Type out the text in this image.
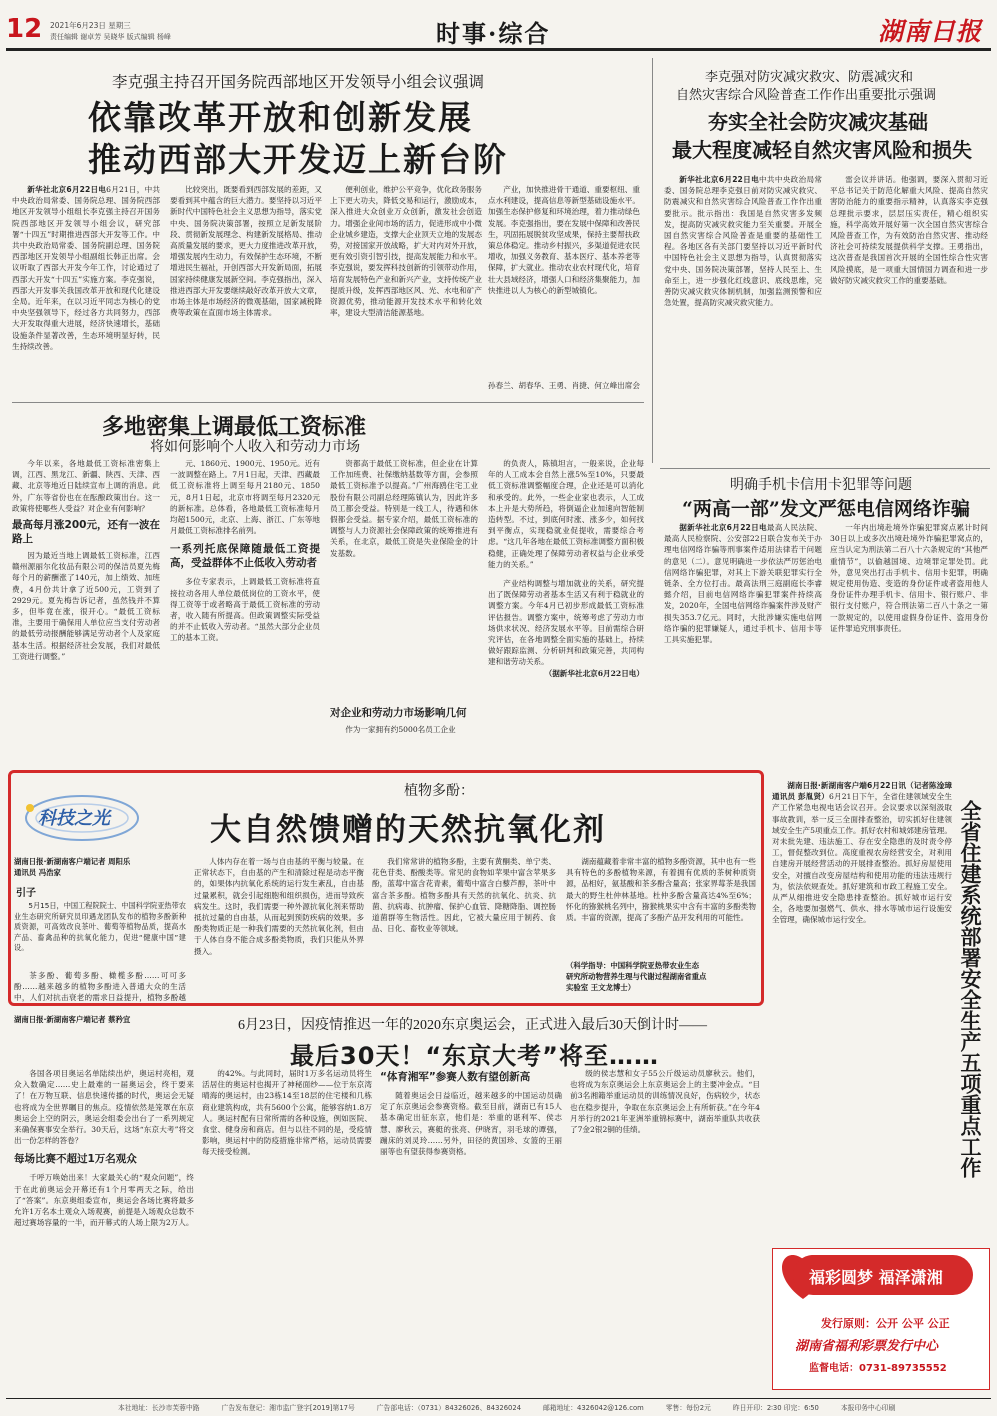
12 2021年6月23日 星期三
责任编辑 谢卓芳 吴晓华 版式编辑 杨峰	时事·综合	湖南日报
李克强主持召开国务院西部地区开发领导小组会议强调
依靠改革开放和创新发展
推动西部大开发迈上新台阶

新华社北京6月22日电6月21日，中共中央政治局常委、国务院总理、国务院西部地区开发领导小组组长李克强主持召开国务院西部地区开发领导小组会议，研究部署“十四五”时期推进西部大开发等工作。中共中央政治局常委、国务院副总理、国务院西部地区开发领导小组副组长韩正出席。会议听取了西部大开发今年工作，讨论通过了西部大开发“十四五”实施方案。李克强说，西部大开发事关我国改革开放和现代化建设全局。近年来，在以习近平同志为核心的党中央坚强领导下，经过各方共同努力，西部大开发取得重大进展，经济快速增长，基础设施条件显著改善，生态环境明显好转，民生持续改善。

比较突出，既要看到西部发展的差距，又要看到其中蕴含的巨大潜力。要坚持以习近平新时代中国特色社会主义思想为指导，落实党中央、国务院决策部署，按照立足新发展阶段、贯彻新发展理念、构建新发展格局、推动高质量发展的要求，更大力度推进改革开放，增强发展内生动力，有效保护生态环境，不断增进民生福祉，开创西部大开发新局面，拓展国家持续健康发展新空间。李克强指出，深入推进西部大开发要继续敲好改革开放大文章，市场主体是市场经济的微观基础，国家减税降费等政策在直面市场主体需求。

便利创业，维护公平竞争，优化政务服务上下更大功夫，降低交易和运行，激励成本，深入推进大众创业万众创新，激发社会创造力。增强企业间市场的活力，促进形成中小微企业城乡建造，支撑大企业顶天立地的发展态势，对接国家开放战略，扩大对内对外开放，更有效引资引智引技，提高发展能力和水平。李克强说，要发挥科技创新的引领带动作用，培育发展特色产业和新兴产业，支持传统产业提质升级，发挥西部地区风、光、水电和矿产资源优势，推动能源开发技术水平和转化效率，建设大型清洁能源基地。

产业，加快推进骨干通道、重要枢纽、重点水利建设，提高信息等新型基础设施水平。加强生态保护修复和环境治理，着力推动绿色发展。李克强指出，要在发展中保障和改善民生，巩固拓展脱贫攻坚成果，保持主要帮扶政策总体稳定。推动乡村振兴，多渠道促进农民增收，加强义务教育、基本医疗、基本养老等保障，扩大就业。推动农业农村现代化，培育壮大县域经济，增强人口和经济集聚能力，加快推进以人为核心的新型城镇化。

孙春兰、胡春华、王勇、肖捷、何立峰出席会
李克强对防灾减灾救灾、防震减灾和
自然灾害综合风险普查工作作出重要批示强调
夯实全社会防灾减灾基础
最大程度减轻自然灾害风险和损失

新华社北京6月22日电中共中央政治局常委、国务院总理李克强日前对防灾减灾救灾、防震减灾和自然灾害综合风险普查工作作出重要批示。批示指出：我国是自然灾害多发频发，提高防灾减灾救灾能力至关重要。开展全国自然灾害综合风险普查是重要的基础性工程。各地区各有关部门要坚持以习近平新时代中国特色社会主义思想为指导，认真贯彻落实党中央、国务院决策部署，坚持人民至上、生命至上，进一步强化红线意识、底线思维，完善防灾减灾救灾体制机制，加强监测预警和应急处置，提高防灾减灾救灾能力。

雷会议并讲话。他强调，要深入贯彻习近平总书记关于防范化解重大风险、提高自然灾害防治能力的重要指示精神，认真落实李克强总理批示要求，层层压实责任，精心组织实施，科学高效开展好第一次全国自然灾害综合风险普查工作，为有效防治自然灾害、推动经济社会可持续发展提供科学支撑。王勇指出，这次普查是我国首次开展的全国性综合性灾害风险摸底，是一项重大国情国力调查和进一步做好防灾减灾救灾工作的重要基础。

多地密集上调最低工资标准
将如何影响个人收入和劳动力市场

今年以来，各地最低工资标准密集上调，江西、黑龙江、新疆、陕西、天津、西藏、北京等地近日陆续宣布上调的消息。此外，广东等省份也在在酝酿政策出台。这一政策将使哪些人受益？对企业有何影响？

最高每月涨200元，还有一波在路上

因为最近当地上调最低工资标准，江西赣州源丽尔化妆品有限公司的保洁员夏先梅每个月的薪酬涨了140元，加上绩效、加班费，4月份共计拿了近500元，工资到了2929元。夏先梅告诉记者，虽然钱并不算多，但毕竟在涨，很开心。“最低工资标准，主要用于确保用人单位应当支付劳动者的最低劳动报酬能够满足劳动者个人及家庭基本生活。根据经济社会发展，我们对最低工资进行调整。”

元、1860元、1900元、1950元。近有一波调整在路上。7月1日起，天津、西藏最低工资标准将上调至每月2180元、1850元，8月1日起，北京市将调至每月2320元的新标准。总体看，各地最低工资标准每月均超1500元，北京、上海、浙江、广东等地月最低工资标准排名前列。

一系列托底保障随最低工资提高，受益群体不止低收入劳动者

多位专家表示，上调最低工资标准将直接拉动各用人单位最低岗位的工资水平，使得工资等于或者略高于最低工资标准的劳动者，收入随有所提高。但政策调整实际受益的并不止低收入劳动者。“虽然大部分企业员工的基本工资。

资都高于最低工资标准，但企业在计算工作加班费、社保缴纳基数等方面，会参照最低工资标准予以提高。”广州海鸥住宅工业股份有限公司副总经理陈镇认为，因此许多员工都会受益。特别是一线工人，待遇和休假都会受益。据专家介绍，最低工资标准的调整与人力资源社会保障政策的统筹推进有关系，在北京，最低工资是失业保险金的计发基数。

对企业和劳动力市场影响几何

作为一家拥有约5000名员工企业

的负责人，陈镇坦言，一般来说，企业每年的人工成本会自然上涨5%至10%，只要最低工资标准调整幅度合理，企业还是可以消化和承受的。此外，一些企业家也表示，人工成本上升是大势所趋，将倒逼企业加速向智能制造转型。不过，到底何时涨、涨多少，如何找到平衡点，实现稳就业促提收，需要综合考虑。“这几年各地在最低工资标准调整方面积极稳健，正确处理了保障劳动者权益与企业承受能力的关系。”

产业结构调整与增加就业的关系，研究提出了既保障劳动者基本生活又有利于稳就业的调整方案。今年4月已初步形成最低工资标准评估报告。调整方案中，统筹考虑了劳动力市场供求状况、经济发展水平等。目前需综合研究评估，在各地调整全面实施的基础上，持续做好跟踪监测、分析研判和政策完善，共同构建和谐劳动关系。

（据新华社北京6月22日电）

明确手机卡信用卡犯罪等问题
“两高一部”发文严惩电信网络诈骗

据新华社北京6月22日电最高人民法院、最高人民检察院、公安部22日联合发布关于办理电信网络诈骗等刑事案件适用法律若干问题的意见（二）。意见明确进一步依法严厉惩治电信网络诈骗犯罪，对其上下游关联犯罪实行全链条、全方位打击。最高法刑三庭副庭长李睿懿介绍，目前电信网络诈骗犯罪案件持续高发，2020年，全国电信网络诈骗案件涉及财产损失353.7亿元。同时，大批涉嫌实施电信网络诈骗的犯罪嫌疑人，通过手机卡、信用卡等工具实施犯罪。

一年内出境赴境外诈骗犯罪窝点累计时间30日以上或多次出境赴境外诈骗犯罪窝点的，应当认定为刑法第二百八十六条规定的“其他严重情节”，以偷越国境、边境罪定罪处罚。此外，意见突出打击手机卡、信用卡犯罪，明确规定使用伪造、变造的身份证件或者盗用他人身份证件办理手机卡、信用卡、银行账户、非银行支付账户，符合刑法第二百八十条之一第一款规定的，以使用虚假身份证件、盗用身份证件罪追究刑事责任。

科技之光
植物多酚：
大自然馈赠的天然抗氧化剂
湖南日报·新湖南客户端记者 周阳乐
通讯员 冯浩家
引子

5月15日，中国工程院院士、中国科学院亚热带农业生态研究所研究员印遇龙团队发布的植物多酚新种质资源，可高效改良茶叶、葡萄等植物品质，提高水产品、畜禽品种的抗氧化能力，促进“健康中国”建设。

人体内存在着一场与自由基的平衡与较量。在正常状态下，自由基的产生和清除过程是动态平衡的，如果体内抗氧化系统的运行发生紊乱，自由基过量累积，就会引起细胞和组织损伤，进而导致疾病发生。这时，我们需要一种外源抗氧化剂来帮助抵抗过量的自由基，从而起到预防疾病的效果。多酚类物质正是一种我们需要的天然抗氧化剂，但由于人体自身不能合成多酚类物质，我们只能从外界摄入。

我们常常讲的植物多酚，主要有黄酮类、单宁类、花色苷类、酚酸类等。常见的食物如苹果中富含苹果多酚，蓝莓中富含花青素，葡萄中富含白藜芦醇，茶叶中富含茶多酚。植物多酚具有天然的抗氧化、抗炎、抗菌、抗病毒、抗肿瘤、保护心血管、降糖降脂、调控肠道菌群等生物活性。因此，它被大量应用于制药、食品、日化、畜牧业等领域。

湖南蕴藏着非常丰富的植物多酚资源，其中也有一些具有特色的多酚植物来源，有着拥有优质的茶树种质资源，品相好，氨基酸和茶多酚含量高；张家界莓茶是我国最大的野生杜仲林基地。杜仲多酚含量高达4%至6%；怀化的猕猴桃名列中，猕猴桃果实中含有丰富的多酚类物质。丰富的资源，提高了多酚产品开发利用的可能性。

茶多酚、葡萄多酚、橄榄多酚……可可多酚……越来越多的植物多酚进入普通大众的生活中，人们对抗击衰老的需求日益提升，植物多酚越

（科学指导：中国科学院亚热带农业生态
研究所动物营养生理与代谢过程湖南省重点
实验室 王文龙博士）

湖南日报·新湖南客户端6月22日讯（记者陈淦璋 通讯员 彭胤贤）6月21日下午，全省住建领域安全生产工作紧急电视电话会议召开。会议要求以深刻汲取事故教训，举一反三全面排查整治，切实抓好住建领域安全生产5项重点工作。抓好农村和城郊建房管理。对未批先建、违法施工、存在安全隐患的及时责令停工，督促整改到位。高度重视农房经营安全，对利用自建房开展经营活动的开展排查整治。抓好房屋使用安全，对擅自改变房屋结构和使用功能的违法违规行为，依法依规查处。抓好建筑和市政工程施工安全。从严从细推进安全隐患排查整治。抓好城市运行安全，各地要加强燃气、供水、排水等城市运行设施安全管理，确保城市运行安全。	全省住建系统部署安全生产五项重点工作
湖南日报·新湖南客户端记者 蔡矜宜	6月23日，因疫情推迟一年的2020东京奥运会，正式进入最后30天倒计时——
最后30天！“东京大考”将至……

各国各项目奥运名单陆续出炉，奥运村亮相，观众入数确定……史上最难的一届奥运会，终于要来了！在万物互联、信息快速传播的时代，奥运会无疑也将成为全世界瞩目的焦点。疫情依然是笼罩在东京奥运会上空的阴云，奥运会组委会出台了一系列规定来确保赛事安全举行。30天后，这场“东京大考”将交出一份怎样的答卷？

每场比赛不超过1万名观众

千呼万唤始出来！大家最关心的“观众问题”，终于在此前奥运会开幕还有1个月零两天之际，给出了“答案”。东京奥组委宣布，奥运会各场比赛将最多允许1万名本土观众入场观赛，前提是入场观众总数不超过赛场容量的一半，而开幕式的人场上限为2万人。

的42%。与此同时，届时1万多名运动员将生活居住的奥运村也揭开了神秘面纱——位于东京湾晴海的奥运村，由23栋14至18层的住宅楼和几栋商业建筑构成，共有5600个公寓，能够容纳1.8万人。奥运村配有日常所需的各种设施，例如医院、食堂、健身房和商店。但与以往不同的是，受疫情影响，奥运村中的防疫措施非常严格，运动员需要每天接受检测。

“体育湘军”参赛人数有望创新高

随着奥运会日益临近，越来越多的中国运动员确定了东京奥运会参赛资格。截至目前，湖南已有15人基本确定出征东京，他们是：举重的谌利军、侯志慧、廖秋云，赛艇的张亮、伊晓宵，羽毛球的谭强，蹦床的刘灵玲……另外，田径的黄国珍、女篮的王丽丽等也有望获得参赛资格。

级的侯志慧和女子55公斤级运动员廖秋云。他们，也将成为东京奥运会上东京奥运会上的主要冲金点。“目前3名湘籍举重运动员的训练情况良好，伤病较少，状态也在稳步提升，争取在东京奥运会上有所斩获。”在今年4月举行的2021年亚洲举重锦标赛中，湖南举重队共收获了7金2银2铜的佳绩。

福彩圆梦 福泽潇湘
发行原则：公开 公平 公正
湖南省福利彩票发行中心
监督电话：0731-89735552
本社地址：长沙市芙蓉中路	广告发布登记：湘市监广登字[2019]第17号	广告部电话：（0731）84326026、84326024	邮箱地址：4326042@126.com	零售：每份2元	昨日开印：2∶30 印完：6∶50	本报印务中心印刷
